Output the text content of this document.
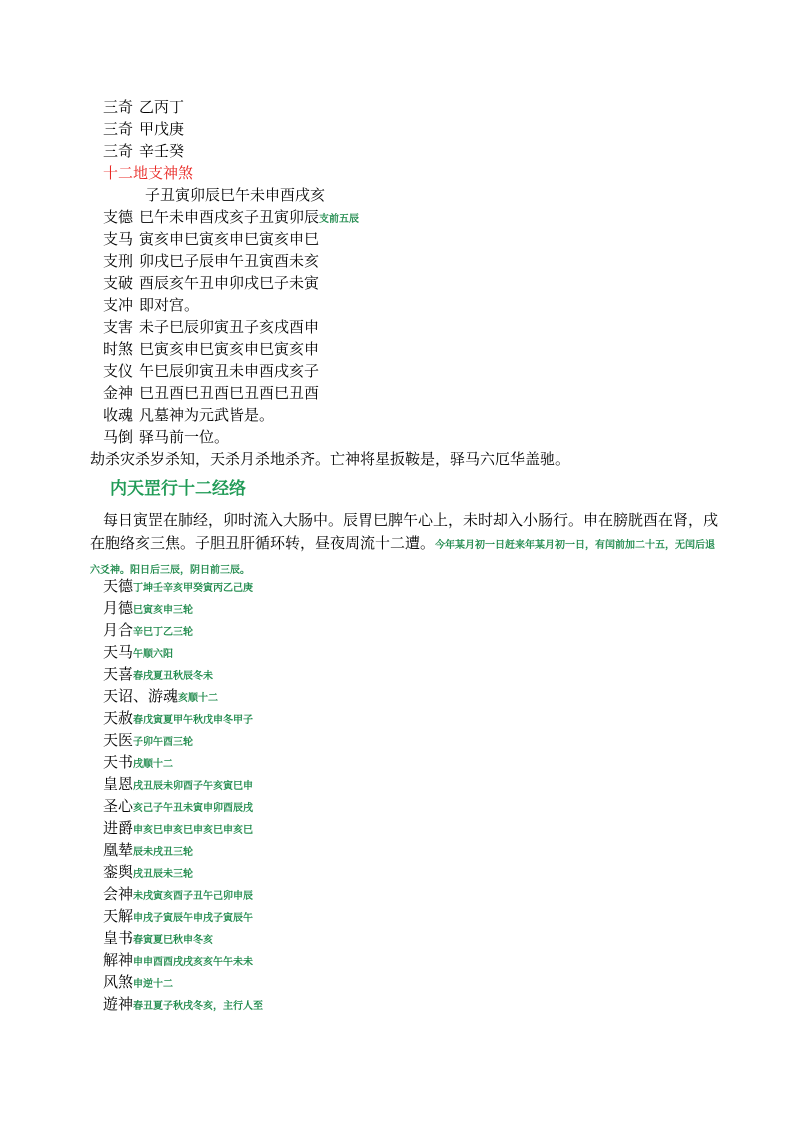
三奇 乙丙丁
三奇 甲戊庚
三奇 辛壬癸
十二地支神煞
子丑寅卯辰巳午未申酉戌亥
支德 巳午未申酉戌亥子丑寅卯辰支前五辰
支马 寅亥申巳寅亥申巳寅亥申巳
支刑 卯戌巳子辰申午丑寅酉未亥
支破 酉辰亥午丑申卯戌巳子未寅
支冲 即对宫。
支害 未子巳辰卯寅丑子亥戌酉申
时煞 巳寅亥申巳寅亥申巳寅亥申
支仪 午巳辰卯寅丑未申酉戌亥子
金神 巳丑酉巳丑酉巳丑酉巳丑酉
收魂 凡墓神为元武皆是。
马倒 驿马前一位。
劫杀灾杀岁杀知，天杀月杀地杀齐。亡神将星扳鞍是，驿马六厄华盖驰。
内天罡行十二经络
每日寅罡在肺经，卯时流入大肠中。辰胃巳脾午心上，未时却入小肠行。申在膀胱酉在肾，戌在胞络亥三焦。子胆丑肝循环转，昼夜周流十二遭。今年某月初一日赶来年某月初一日，有闰前加二十五，无闰后退六爻神。阳日后三辰，阴日前三辰。
天德丁坤壬辛亥甲癸寅丙乙己庚
月德巳寅亥申三轮
月合辛巳丁乙三轮
天马午顺六阳
天喜春戌夏丑秋辰冬未
天诏、游魂亥顺十二
天赦春戊寅夏甲午秋戊申冬甲子
天医子卯午酉三轮
天书戌顺十二
皇恩戌丑辰未卯酉子午亥寅巳申
圣心亥己子午丑未寅申卯酉辰戌
进爵申亥巳申亥巳申亥巳申亥巳
凰辇辰未戌丑三轮
銮舆戌丑辰未三轮
会神未戌寅亥酉子丑午己卯申辰
天解申戌子寅辰午申戌子寅辰午
皇书春寅夏巳秋申冬亥
解神申申酉酉戌戌亥亥午午未未
风煞申逆十二
遊神春丑夏子秋戌冬亥，主行人至
